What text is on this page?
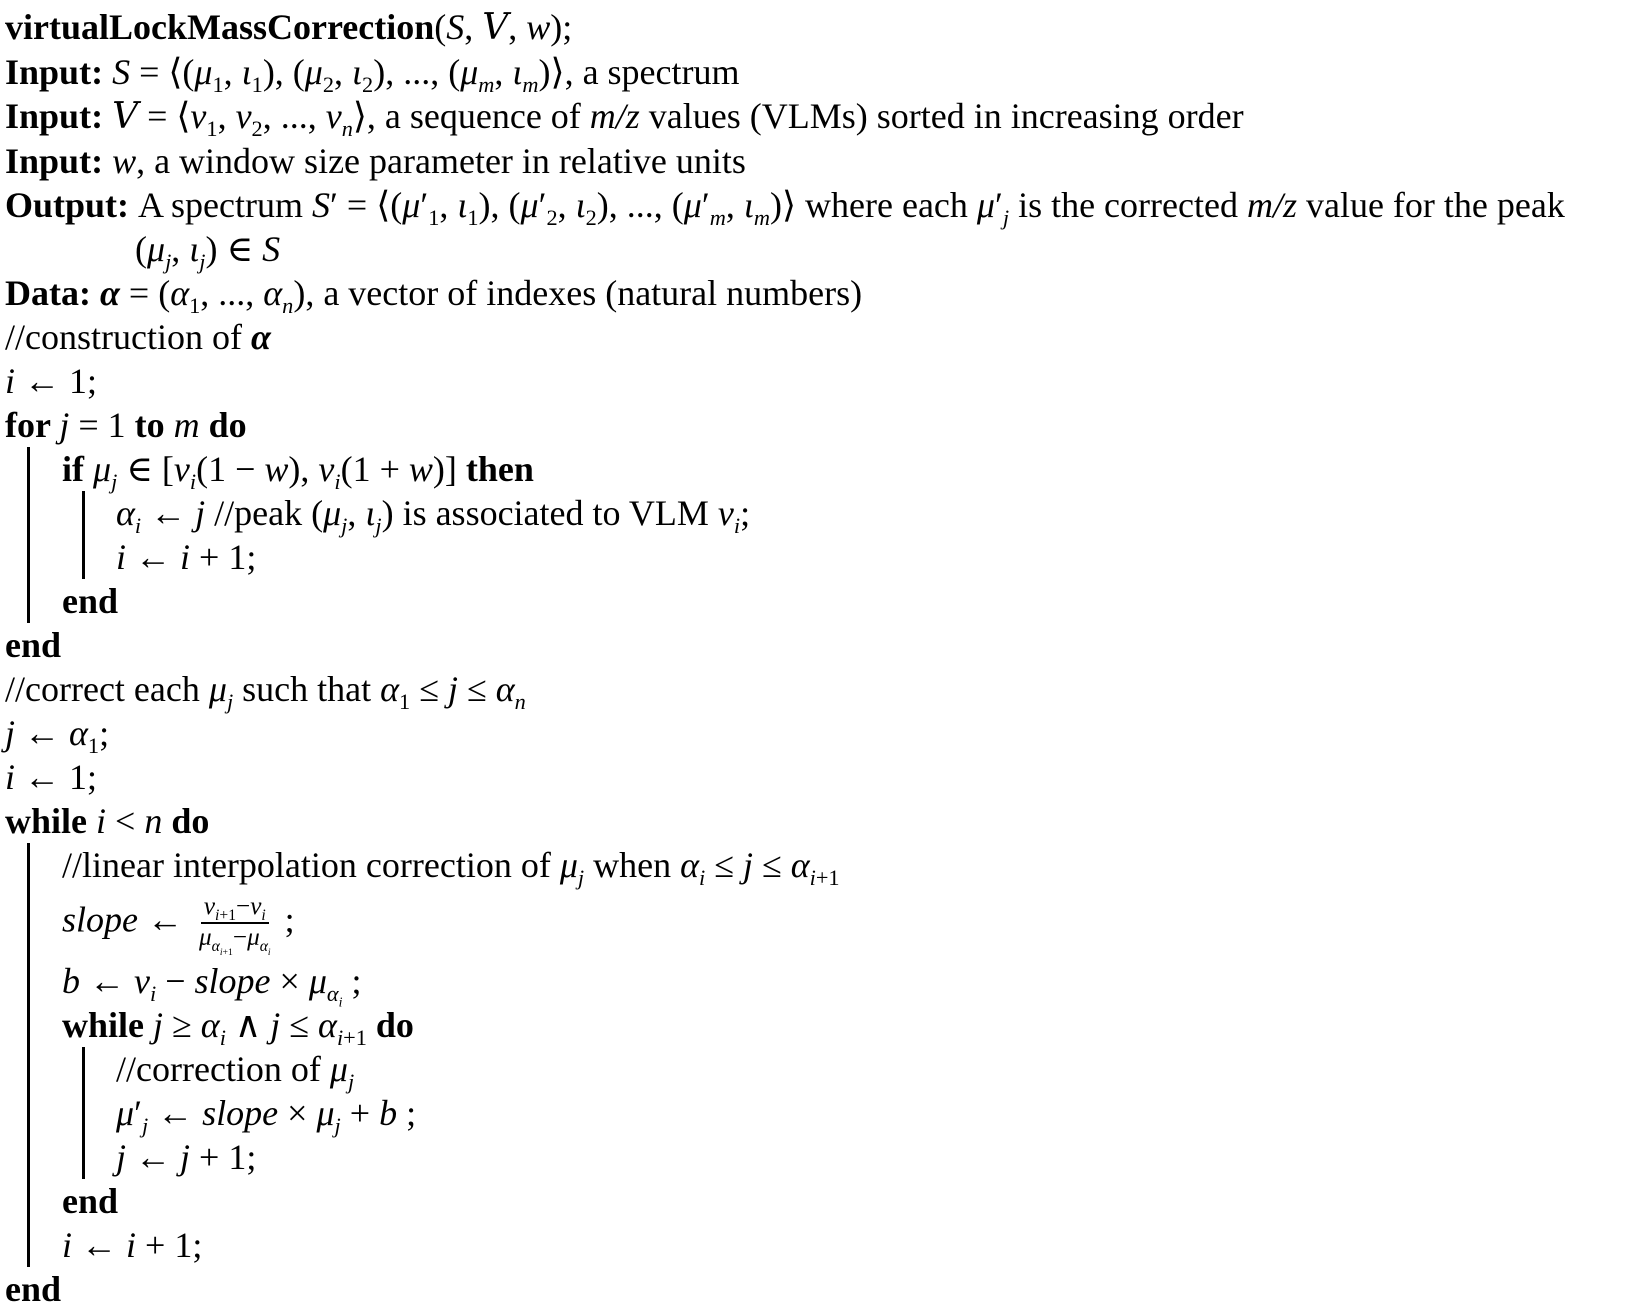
virtualLockMassCorrection(S, V, w);
Input: $S = ⟨(\mu_1$, $\iota_1$), ($\mu_2$, $\iota_2$), ..., ($\mu_m$, $\iota_m)⟩$, a spectrum
Input: $V = ⟨v_1$, $v_2$, ..., $v_n⟩$, a sequence of m/z values (VLMs) sorted in increasing order
Input: w, a window size parameter in relative units
Output: A spectrum $S' = ⟨(\mu'_1$, $\iota_1$), ($\mu'_2$, $\iota_2$), ..., ($\mu'_m$, $\iota_m)⟩$ where each $\mu'_j$ is the corrected m/z value for the peak
($\mu_j$, $\iota_j$) ∈ S
Data: $\alpha = (\alpha_1$, ..., $\alpha_n$), a vector of indexes (natural numbers)
//construction of α
i ← 1;
for j = 1 to m do
if $\mu_j$ ∈ [$v_i(1 - w)$, $v_i(1 + w)$] then
$\alpha_i$ ← j //peak ($\mu_j$, $\iota_j$) is associated to VLM $v_i$;
i ← i + 1;
end
end
//correct each $\mu_j$ such that $\alpha_1 \le j \le \alpha_n$
j ← $\alpha_1$;
i ← 1;
while i < n do
//linear interpolation correction of $\mu_j$ when $\alpha_i \le j \le \alpha_{i+1}$
slope ← $\frac{v_{i+1}-v_i}{\mu_{\alpha_{i+1}}-\mu_{\alpha_i}}$ ;
b ← $v_i$ − slope × $\mu_{\alpha_i}$ ;
while $j \ge \alpha_i$ ∧ $j \le \alpha_{i+1}$ do
//correction of $\mu_j$
$\mu'_j$ ← slope × $\mu_j + b$ ;
j ← j + 1;
end
i ← i + 1;
end
